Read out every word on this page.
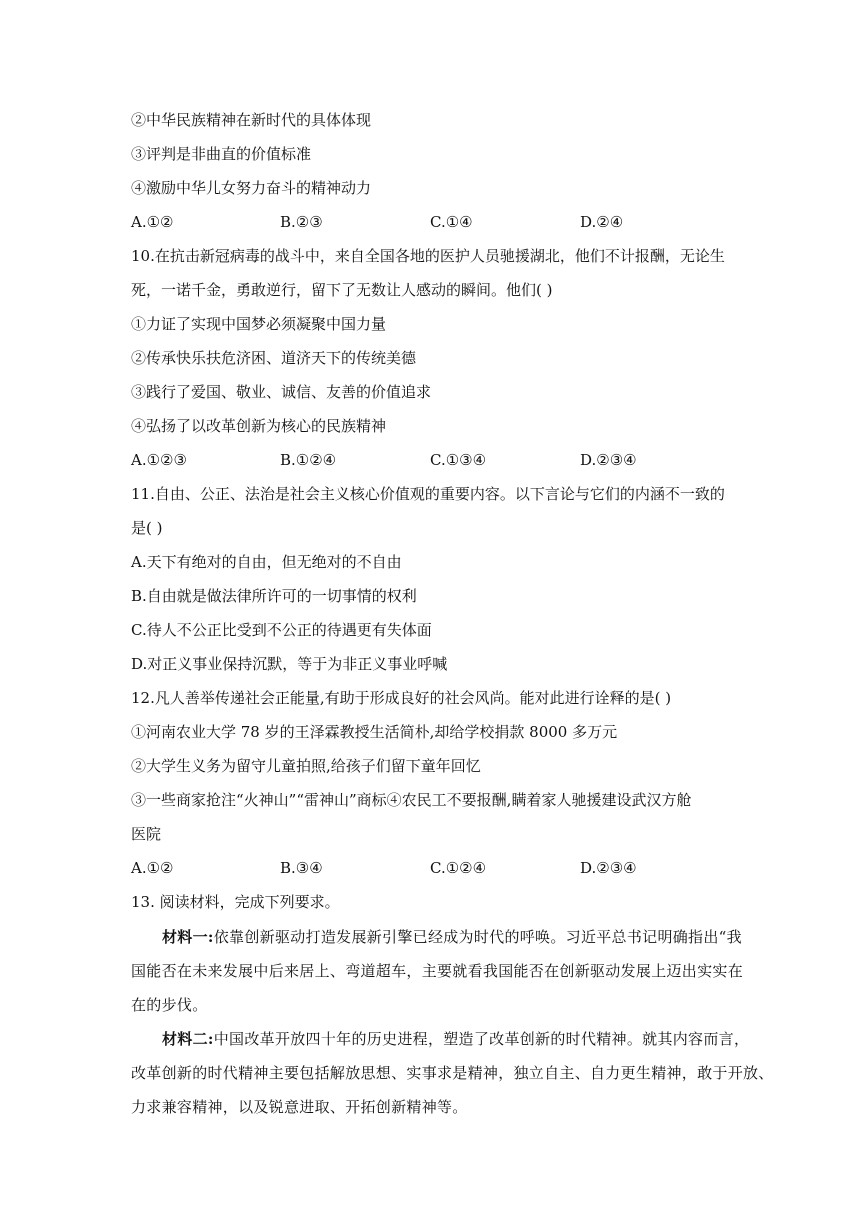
②中华民族精神在新时代的具体体现
③评判是非曲直的价值标准
④激励中华儿女努力奋斗的精神动力
A.①②	B.②③	C.①④	D.②④
10.在抗击新冠病毒的战斗中，来自全国各地的医护人员驰援湖北，他们不计报酬，无论生
死，一诺千金，勇敢逆行，留下了无数让人感动的瞬间。他们( )
①力证了实现中国梦必须凝聚中国力量
②传承快乐扶危济困、道济天下的传统美德
③践行了爱国、敬业、诚信、友善的价值追求
④弘扬了以改革创新为核心的民族精神
A.①②③	B.①②④	C.①③④	D.②③④
11.自由、公正、法治是社会主义核心价值观的重要内容。以下言论与它们的内涵不一致的
是( )
A.天下有绝对的自由，但无绝对的不自由
B.自由就是做法律所许可的一切事情的权利
C.待人不公正比受到不公正的待遇更有失体面
D.对正义事业保持沉默，等于为非正义事业呼喊
12.凡人善举传递社会正能量,有助于形成良好的社会风尚。能对此进行诠释的是( )
①河南农业大学 78 岁的王泽霖教授生活简朴,却给学校捐款 8000 多万元
②大学生义务为留守儿童拍照,给孩子们留下童年回忆
③一些商家抢注“火神山”“雷神山”商标④农民工不要报酬,瞒着家人驰援建设武汉方舱
医院
A.①②	B.③④	C.①②④	D.②③④
13. 阅读材料，完成下列要求。
材料一:依靠创新驱动打造发展新引擎已经成为时代的呼唤。习近平总书记明确指出“我
国能否在未来发展中后来居上、弯道超车，主要就看我国能否在创新驱动发展上迈出实实在
在的步伐。
材料二:中国改革开放四十年的历史进程，塑造了改革创新的时代精神。就其内容而言，
改革创新的时代精神主要包括解放思想、实事求是精神，独立自主、自力更生精神，敢于开放、
力求兼容精神，以及锐意进取、开拓创新精神等。
